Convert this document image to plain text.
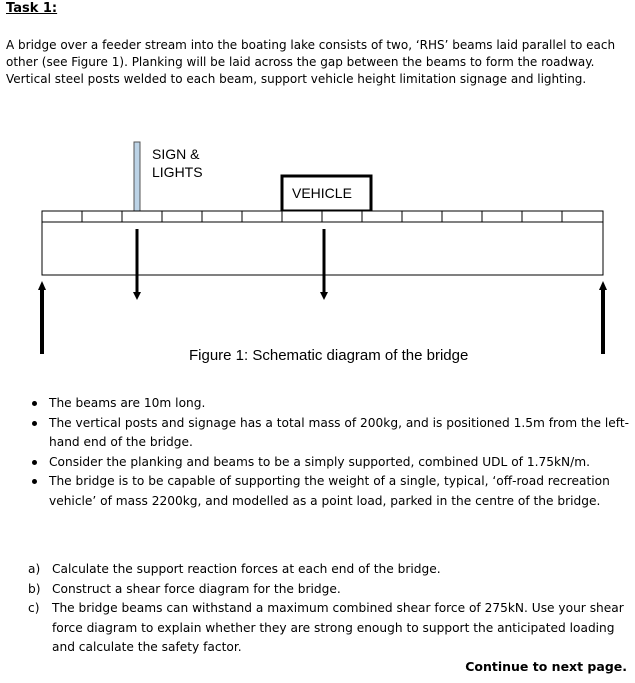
Task 1:
A bridge over a feeder stream into the boating lake consists of two, ‘RHS’ beams laid parallel to each other (see Figure 1). Planking will be laid across the gap between the beams to form the roadway. Vertical steel posts welded to each beam, support vehicle height limitation signage and lighting.
SIGN &
LIGHTS
VEHICLE
Figure 1: Schematic diagram of the bridge
The beams are 10m long.
The vertical posts and signage has a total mass of 200kg, and is positioned 1.5m from the left-hand end of the bridge.
Consider the planking and beams to be a simply supported, combined UDL of 1.75kN/m.
The bridge is to be capable of supporting the weight of a single, typical, ‘off-road recreation vehicle’ of mass 2200kg, and modelled as a point load, parked in the centre of the bridge.
a) Calculate the support reaction forces at each end of the bridge.
b) Construct a shear force diagram for the bridge.
c) The bridge beams can withstand a maximum combined shear force of 275kN. Use your shear force diagram to explain whether they are strong enough to support the anticipated loading and calculate the safety factor.
Continue to next page.
